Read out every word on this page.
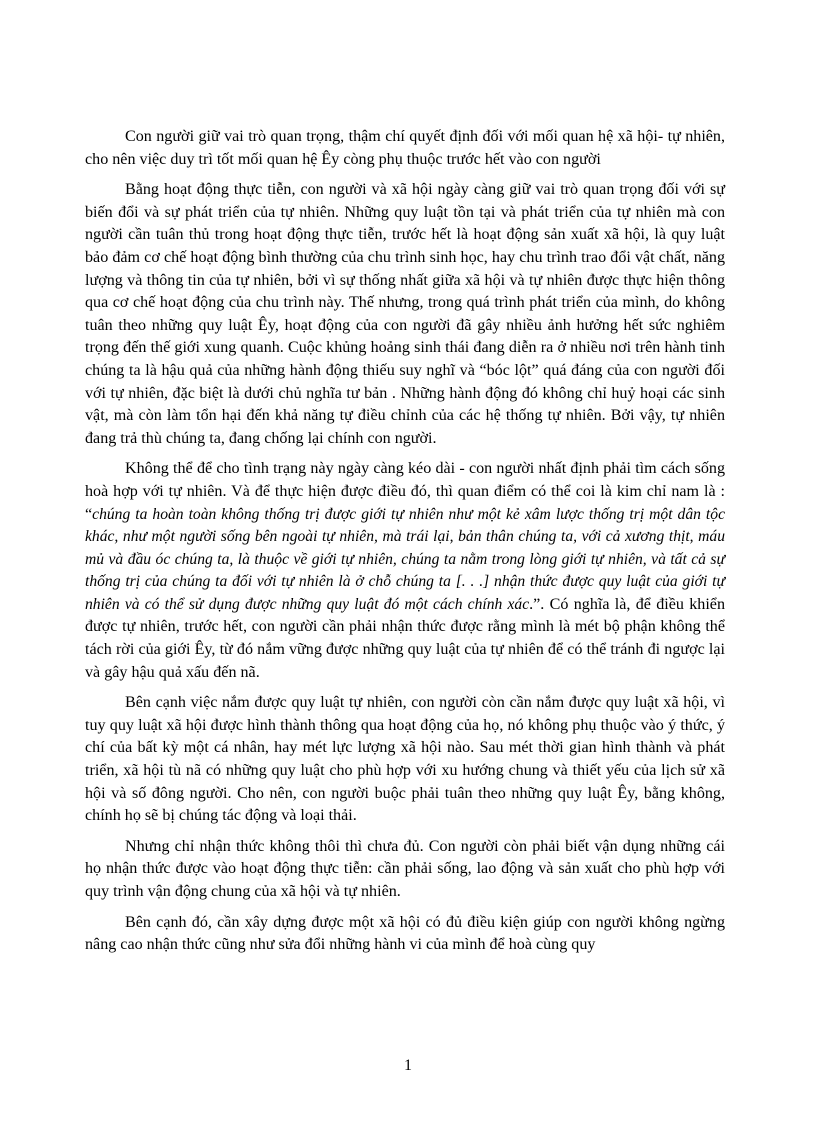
Con người giữ vai trò quan trọng, thậm chí quyết định đối với mối quan hệ xã hội- tự nhiên, cho nên việc duy trì tốt mối quan hệ Êy còng phụ thuộc trước hết vào con người

Bằng hoạt động thực tiễn, con người và xã hội ngày càng giữ vai trò quan trọng đối với sự biến đổi và sự phát triển của tự nhiên. Những quy luật tồn tại và phát triển của tự nhiên mà con người cần tuân thủ trong hoạt động thực tiễn, trước hết là hoạt động sản xuất xã hội, là quy luật bảo đảm cơ chế hoạt động bình thường của chu trình sinh học, hay chu trình trao đổi vật chất, năng lượng và thông tin của tự nhiên, bởi vì sự thống nhất giữa xã hội và tự nhiên được thực hiện thông qua cơ chế hoạt động của chu trình này. Thế nhưng, trong quá trình phát triển của mình, do không tuân theo những quy luật Êy, hoạt động của con người đã gây nhiều ảnh hưởng hết sức nghiêm trọng đến thế giới xung quanh. Cuộc khủng hoảng sinh thái đang diễn ra ở nhiều nơi trên hành tinh chúng ta là hậu quả của những hành động thiếu suy nghĩ và “bóc lột” quá đáng của con người đối với tự nhiên, đặc biệt là dưới chủ nghĩa tư bản . Những hành động đó không chỉ huỷ hoại các sinh vật, mà còn làm tổn hại đến khả năng tự điều chỉnh của các hệ thống tự nhiên. Bởi vậy, tự nhiên đang trả thù chúng ta, đang chống lại chính con người.

Không thể để cho tình trạng này ngày càng kéo dài - con người nhất định phải tìm cách sống hoà hợp với tự nhiên. Và để thực hiện được điều đó, thì quan điểm có thể coi là kim chỉ nam là : “chúng ta hoàn toàn không thống trị được giới tự nhiên như một kẻ xâm lược thống trị một dân tộc khác, như một người sống bên ngoài tự nhiên, mà trái lại, bản thân chúng ta, với cả xương thịt, máu mủ và đầu óc chúng ta, là thuộc về giới tự nhiên, chúng ta nằm trong lòng giới tự nhiên, và tất cả sự thống trị của chúng ta đối với tự nhiên là ở chỗ chúng ta [. . .] nhận thức được quy luật của giới tự nhiên và có thể sử dụng được những quy luật đó một cách chính xác.”. Có nghĩa là, để điều khiển được tự nhiên, trước hết, con người cần phải nhận thức được rằng mình là mét bộ phận không thể tách rời của giới Êy, từ đó nắm vững được những quy luật của tự nhiên để có thể tránh đi ngược lại và gây hậu quả xấu đến nã.

Bên cạnh việc nắm được quy luật tự nhiên, con người còn cần nắm được quy luật xã hội, vì tuy quy luật xã hội được hình thành thông qua hoạt động của họ, nó không phụ thuộc vào ý thức, ý chí của bất kỳ một cá nhân, hay mét lực lượng xã hội nào. Sau mét thời gian hình thành và phát triển, xã hội tù nã có những quy luật cho phù hợp với xu hướng chung và thiết yếu của lịch sử xã hội và số đông người. Cho nên, con người buộc phải tuân theo những quy luật Êy, bằng không, chính họ sẽ bị chúng tác động và loại thải.

Nhưng chỉ nhận thức không thôi thì chưa đủ. Con người còn phải biết vận dụng những cái họ nhận thức được vào hoạt động thực tiễn: cần phải sống, lao động và sản xuất cho phù hợp với quy trình vận động chung của xã hội và tự nhiên.

Bên cạnh đó, cần xây dựng được một xã hội có đủ điều kiện giúp con người không ngừng nâng cao nhận thức cũng như sửa đổi những hành vi của mình để hoà cùng quy

1
